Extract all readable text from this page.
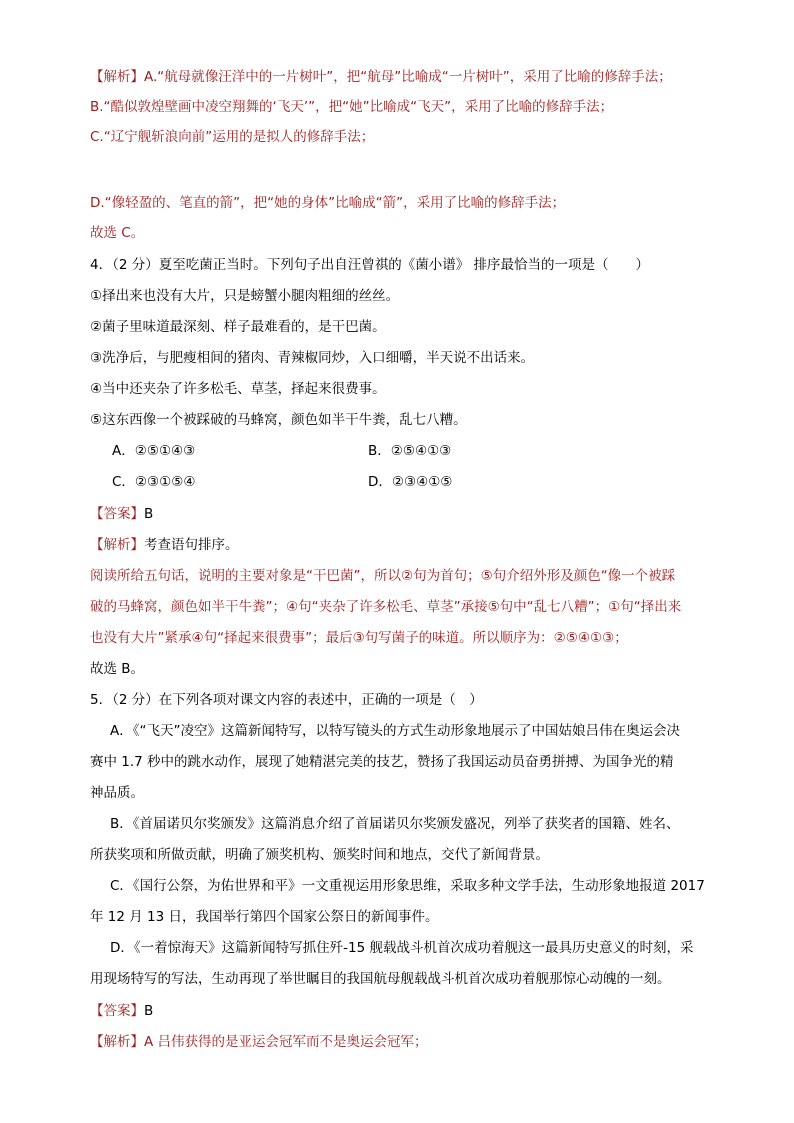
【解析】A.“航母就像汪洋中的一片树叶”，把“航母”比喻成“一片树叶”，采用了比喻的修辞手法；
B.“酷似敦煌壁画中凌空翔舞的‘飞天’”，把“她”比喻成“飞天”，采用了比喻的修辞手法；
C.“辽宁舰斩浪向前”运用的是拟人的修辞手法；
D.“像轻盈的、笔直的箭”，把“她的身体”比喻成“箭”，采用了比喻的修辞手法；
故选 C。
4．（2 分）夏至吃菌正当时。下列句子出自汪曾祺的《菌小谱》 排序最恰当的一项是（　　）
①择出来也没有大片，只是螃蟹小腿肉粗细的丝丝。
②菌子里味道最深刻、样子最难看的，是干巴菌。
③洗净后，与肥瘦相间的猪肉、青辣椒同炒，入口细嚼，半天说不出话来。
④当中还夹杂了许多松毛、草茎，择起来很费事。
⑤这东西像一个被踩破的马蜂窝，颜色如半干牛粪，乱七八糟。
A．②⑤①④③	B．②⑤④①③
C．②③①⑤④	D．②③④①⑤
【答案】B
【解析】考查语句排序。
阅读所给五句话，说明的主要对象是“干巴菌”，所以②句为首句；⑤句介绍外形及颜色“像一个被踩
破的马蜂窝，颜色如半干牛粪”；④句“夹杂了许多松毛、草茎”承接⑤句中“乱七八糟”；①句“择出来
也没有大片”紧承④句“择起来很费事”；最后③句写菌子的味道。所以顺序为：②⑤④①③；
故选 B。
5．（2 分）在下列各项对课文内容的表述中，正确的一项是（　）
A．《“飞天”凌空》这篇新闻特写，以特写镜头的方式生动形象地展示了中国姑娘吕伟在奥运会决
赛中 1.7 秒中的跳水动作，展现了她精湛完美的技艺，赞扬了我国运动员奋勇拼搏、为国争光的精
神品质。
B．《首届诺贝尔奖颁发》这篇消息介绍了首届诺贝尔奖颁发盛况，列举了获奖者的国籍、姓名、
所获奖项和所做贡献，明确了颁奖机构、颁奖时间和地点，交代了新闻背景。
C．《国行公祭，为佑世界和平》一文重视运用形象思维，采取多种文学手法，生动形象地报道 2017
年 12 月 13 日，我国举行第四个国家公祭日的新闻事件。
D．《一着惊海天》这篇新闻特写抓住歼-15 舰载战斗机首次成功着舰这一最具历史意义的时刻，采
用现场特写的写法，生动再现了举世瞩目的我国航母舰载战斗机首次成功着舰那惊心动魄的一刻。
【答案】B
【解析】A 吕伟获得的是亚运会冠军而不是奥运会冠军；
